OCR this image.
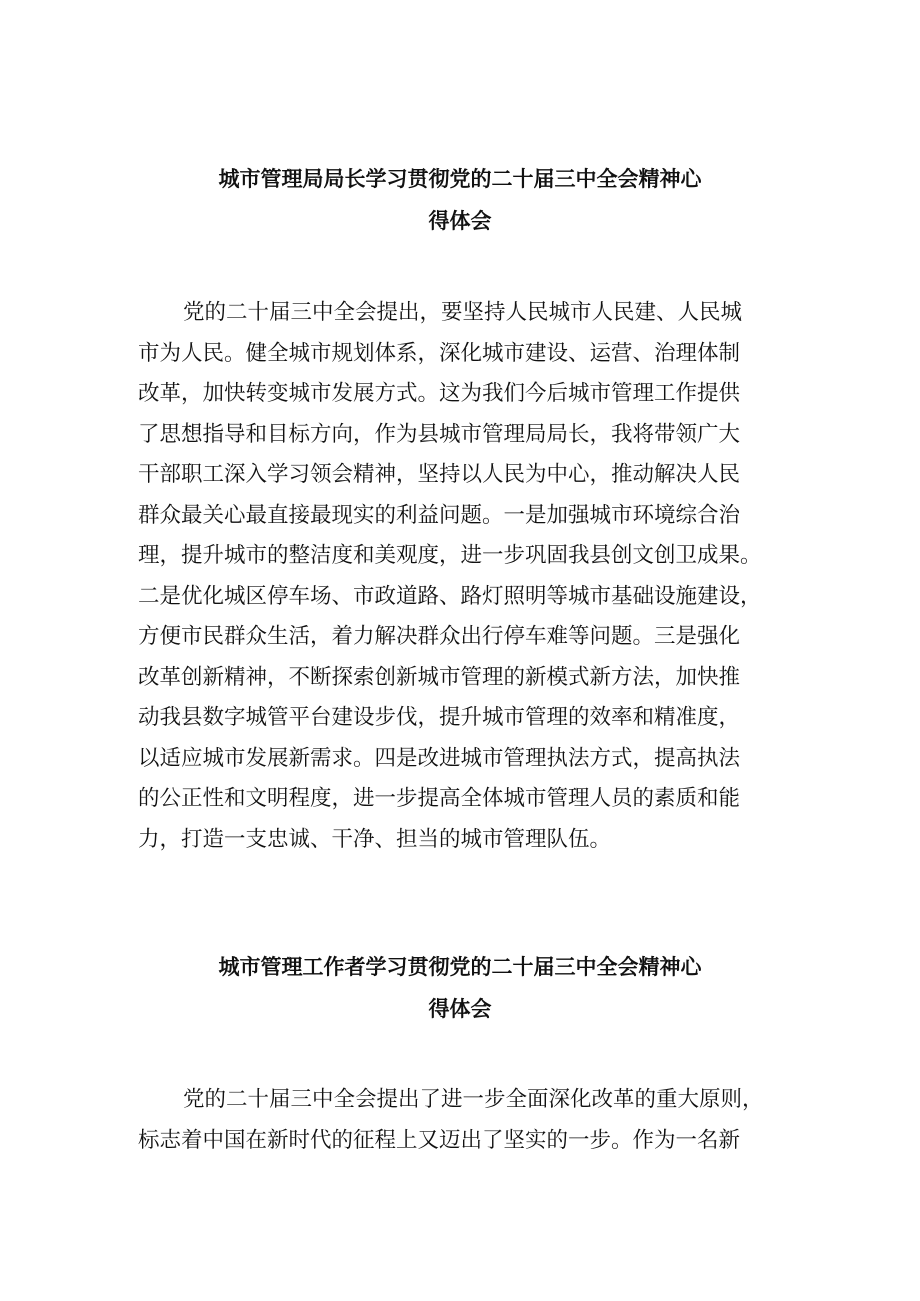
城市管理局局长学习贯彻党的二十届三中全会精神心
得体会

党的二十届三中全会提出，要坚持人民城市人民建、人民城
市为人民。健全城市规划体系，深化城市建设、运营、治理体制
改革，加快转变城市发展方式。这为我们今后城市管理工作提供
了思想指导和目标方向，作为县城市管理局局长，我将带领广大
干部职工深入学习领会精神，坚持以人民为中心，推动解决人民
群众最关心最直接最现实的利益问题。一是加强城市环境综合治
理，提升城市的整洁度和美观度，进一步巩固我县创文创卫成果。
二是优化城区停车场、市政道路、路灯照明等城市基础设施建设，
方便市民群众生活，着力解决群众出行停车难等问题。三是强化
改革创新精神，不断探索创新城市管理的新模式新方法，加快推
动我县数字城管平台建设步伐，提升城市管理的效率和精准度，
以适应城市发展新需求。四是改进城市管理执法方式，提高执法
的公正性和文明程度，进一步提高全体城市管理人员的素质和能
力，打造一支忠诚、干净、担当的城市管理队伍。

城市管理工作者学习贯彻党的二十届三中全会精神心
得体会

党的二十届三中全会提出了进一步全面深化改革的重大原则，
标志着中国在新时代的征程上又迈出了坚实的一步。作为一名新
